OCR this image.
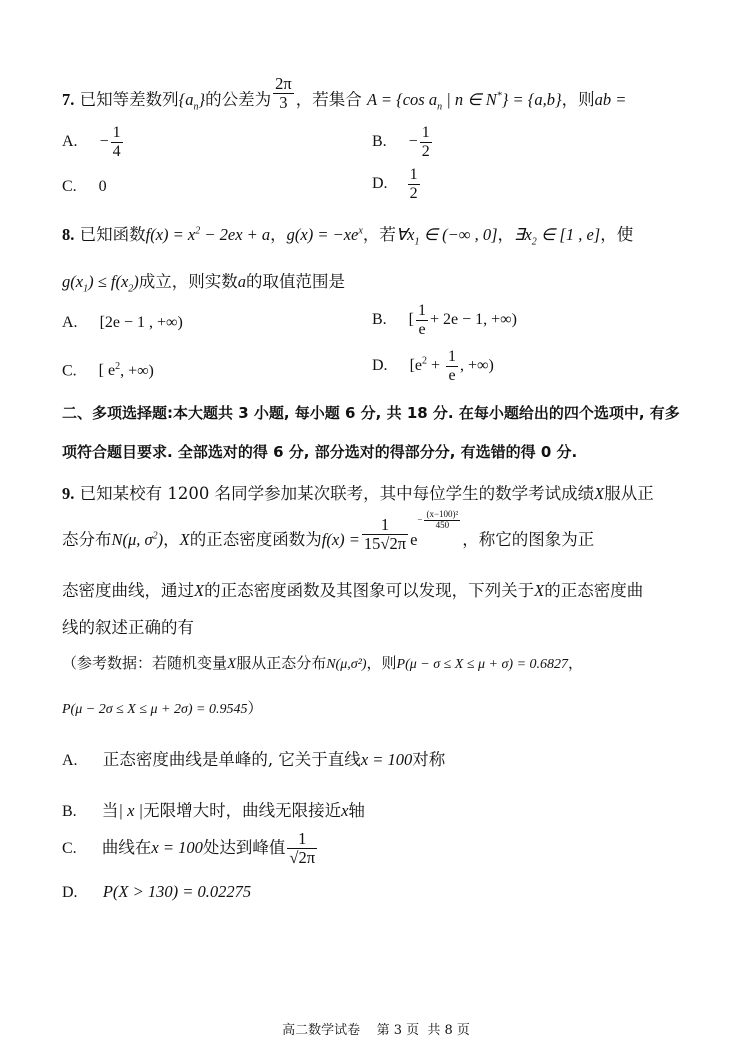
7. 已知等差数列$\{a_n\}$的公差为 $\frac{2\pi}{3}$ ，若集合 A = {cos $a_n$ | n ∈ N*} = {a,b}，则ab =
A. − $\frac{1}{4}$	B. − $\frac{1}{2}$
C. 0	D. $\frac{1}{2}$
8. 已知函数$f(x) = x^2 - 2ex + a$，$g(x) = -xe^x$，若$\forall x_1$ ∈ (−∞ , 0]，$\exists x_2$ ∈ [1 , e]，使
$g(x_1) \le f(x_2)$成立，则实数a的取值范围是
A. [2e − 1 , +∞)	B. [ $\frac{1}{e} + 2e - 1$, +∞)
C. [ $e^2$, +∞)	D. [$e^2 + \frac{1}{e}$ , +∞)
二、多项选择题:本大题共 3 小题, 每小题 6 分, 共 18 分. 在每小题给出的四个选项中, 有多
项符合题目要求. 全部选对的得 6 分, 部分选对的得部分分, 有选错的得 0 分.
9. 已知某校有 1200 名同学参加某次联考，其中每位学生的数学考试成绩X服从正
态分布N(μ, $\sigma^2$)，X的正态密度函数为$f(x) = \frac{1}{15√2\pi} e- \frac{\text{(x−100)²}}{450}$
，称它的图象为正
态密度曲线，通过X的正态密度函数及其图象可以发现，下列关于X的正态密度曲
线的叙述正确的有
（参考数据：若随机变量X服从正态分布N(μ,σ²)，则P(μ − σ ≤ X ≤ μ + σ) = 0.6827，
P(μ − 2σ ≤ X ≤ μ + 2σ) = 0.9545）
A. 正态密度曲线是单峰的, 它关于直线x = 100对称
B. 当| x |无限增大时，曲线无限接近x轴
C. 曲线在x = 100处达到峰值 $\frac{1}{√2\pi}$
D. P(X > 130) = 0.02275
高二数学试卷    第 3 页  共 8 页
